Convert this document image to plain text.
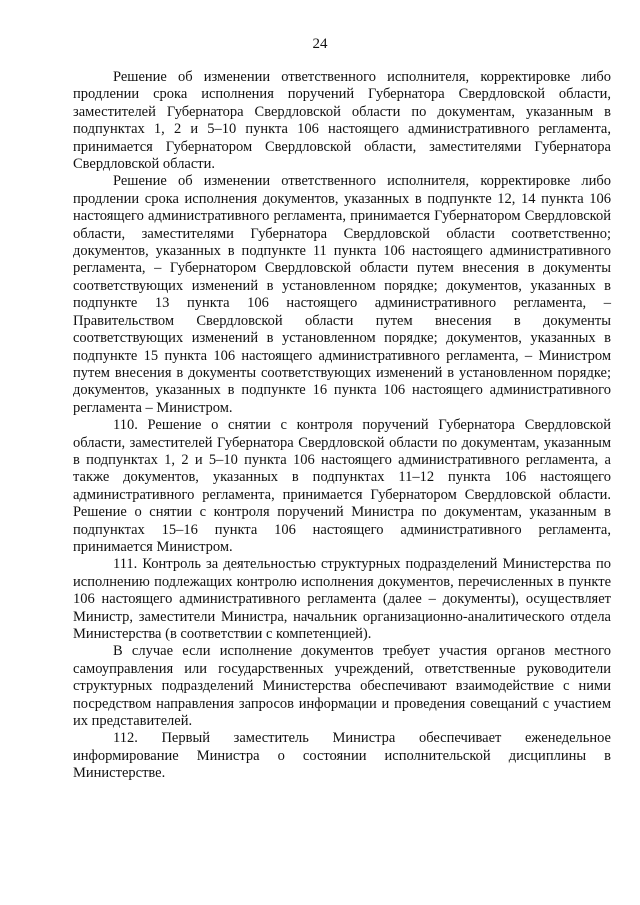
24

Решение об изменении ответственного исполнителя, корректировке либо продлении срока исполнения поручений Губернатора Свердловской области, заместителей Губернатора Свердловской области по документам, указанным в подпунктах 1, 2 и 5–10 пункта 106 настоящего административного регламента, принимается Губернатором Свердловской области, заместителями Губернатора Свердловской области.

Решение об изменении ответственного исполнителя, корректировке либо продлении срока исполнения документов, указанных в подпункте 12, 14 пункта 106 настоящего административного регламента, принимается Губернатором Свердловской области, заместителями Губернатора Свердловской области соответственно; документов, указанных в подпункте 11 пункта 106 настоящего административного регламента, – Губернатором Свердловской области путем внесения в документы соответствующих изменений в установленном порядке; документов, указанных в подпункте 13 пункта 106 настоящего административного регламента, – Правительством Свердловской области путем внесения в документы соответствующих изменений в установленном порядке; документов, указанных в подпункте 15 пункта 106 настоящего административного регламента, – Министром путем внесения в документы соответствующих изменений в установленном порядке; документов, указанных в подпункте 16 пункта 106 настоящего административного регламента – Министром.

110. Решение о снятии с контроля поручений Губернатора Свердловской области, заместителей Губернатора Свердловской области по документам, указанным в подпунктах 1, 2 и 5–10 пункта 106 настоящего административного регламента, а также документов, указанных в подпунктах 11–12 пункта 106 настоящего административного регламента, принимается Губернатором Свердловской области. Решение о снятии с контроля поручений Министра по документам, указанным в подпунктах 15–16 пункта 106 настоящего административного регламента, принимается Министром.

111. Контроль за деятельностью структурных подразделений Министерства по исполнению подлежащих контролю исполнения документов, перечисленных в пункте 106 настоящего административного регламента (далее – документы), осуществляет Министр, заместители Министра, начальник организационно-аналитического отдела Министерства (в соответствии с компетенцией).

В случае если исполнение документов требует участия органов местного самоуправления или государственных учреждений, ответственные руководители структурных подразделений Министерства обеспечивают взаимодействие с ними посредством направления запросов информации и проведения совещаний с участием их представителей.

112. Первый заместитель Министра обеспечивает еженедельное информирование Министра о состоянии исполнительской дисциплины в Министерстве.
